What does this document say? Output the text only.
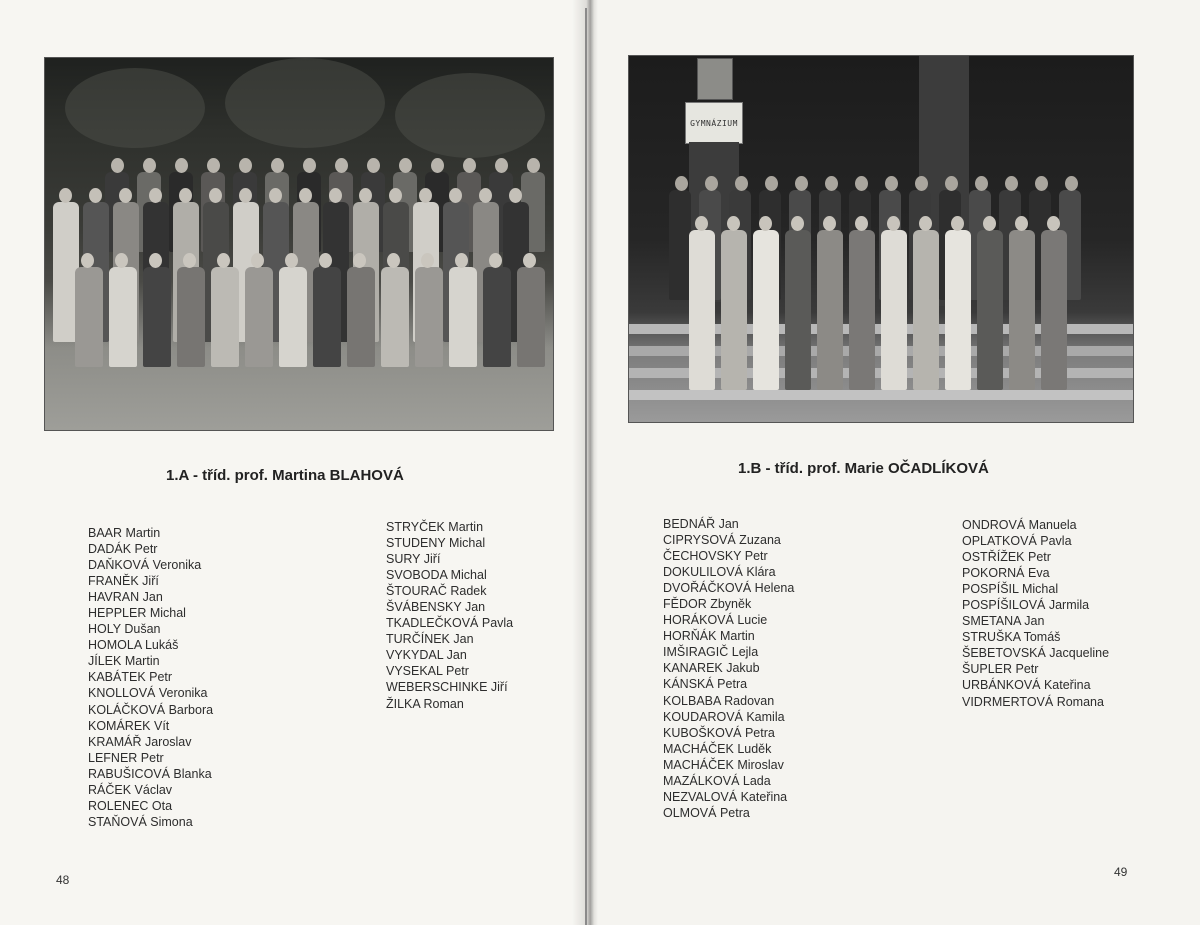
GYMNÁZIUM
1.A - tříd. prof. Martina BLAHOVÁ	1.B - tříd. prof. Marie OČADLÍKOVÁ
BAAR Martin
DADÁK Petr
DAŇKOVÁ Veronika
FRANĚK Jiří
HAVRAN Jan
HEPPLER Michal
HOLY Dušan
HOMOLA Lukáš
JÍLEK Martin
KABÁTEK Petr
KNOLLOVÁ Veronika
KOLÁČKOVÁ Barbora
KOMÁREK Vít
KRAMÁŘ Jaroslav
LEFNER Petr
RABUŠICOVÁ Blanka
RÁČEK Václav
ROLENEC Ota
STAŇOVÁ Simona
STRYČEK Martin
STUDENY Michal
SURY Jiří
SVOBODA Michal
ŠTOURAČ Radek
ŠVÁBENSKY Jan
TKADLEČKOVÁ Pavla
TURČÍNEK Jan
VYKYDAL Jan
VYSEKAL Petr
WEBERSCHINKE Jiří
ŽILKA Roman
BEDNÁŘ Jan
CIPRYSOVÁ Zuzana
ČECHOVSKY Petr
DOKULILOVÁ Klára
DVOŘÁČKOVÁ Helena
FĚDOR Zbyněk
HORÁKOVÁ Lucie
HORŇÁK Martin
IMŠIRAGIČ Lejla
KANAREK Jakub
KÁNSKÁ Petra
KOLBABA Radovan
KOUDAROVÁ Kamila
KUBOŠKOVÁ Petra
MACHÁČEK Luděk
MACHÁČEK Miroslav
MAZÁLKOVÁ Lada
NEZVALOVÁ Kateřina
OLMOVÁ Petra
ONDROVÁ Manuela
OPLATKOVÁ Pavla
OSTŘÍŽEK Petr
POKORNÁ Eva
POSPÍŠIL Michal
POSPÍŠILOVÁ Jarmila
SMETANA Jan
STRUŠKA Tomáš
ŠEBETOVSKÁ Jacqueline
ŠUPLER Petr
URBÁNKOVÁ Kateřina
VIDRMERTOVÁ Romana
48
49
